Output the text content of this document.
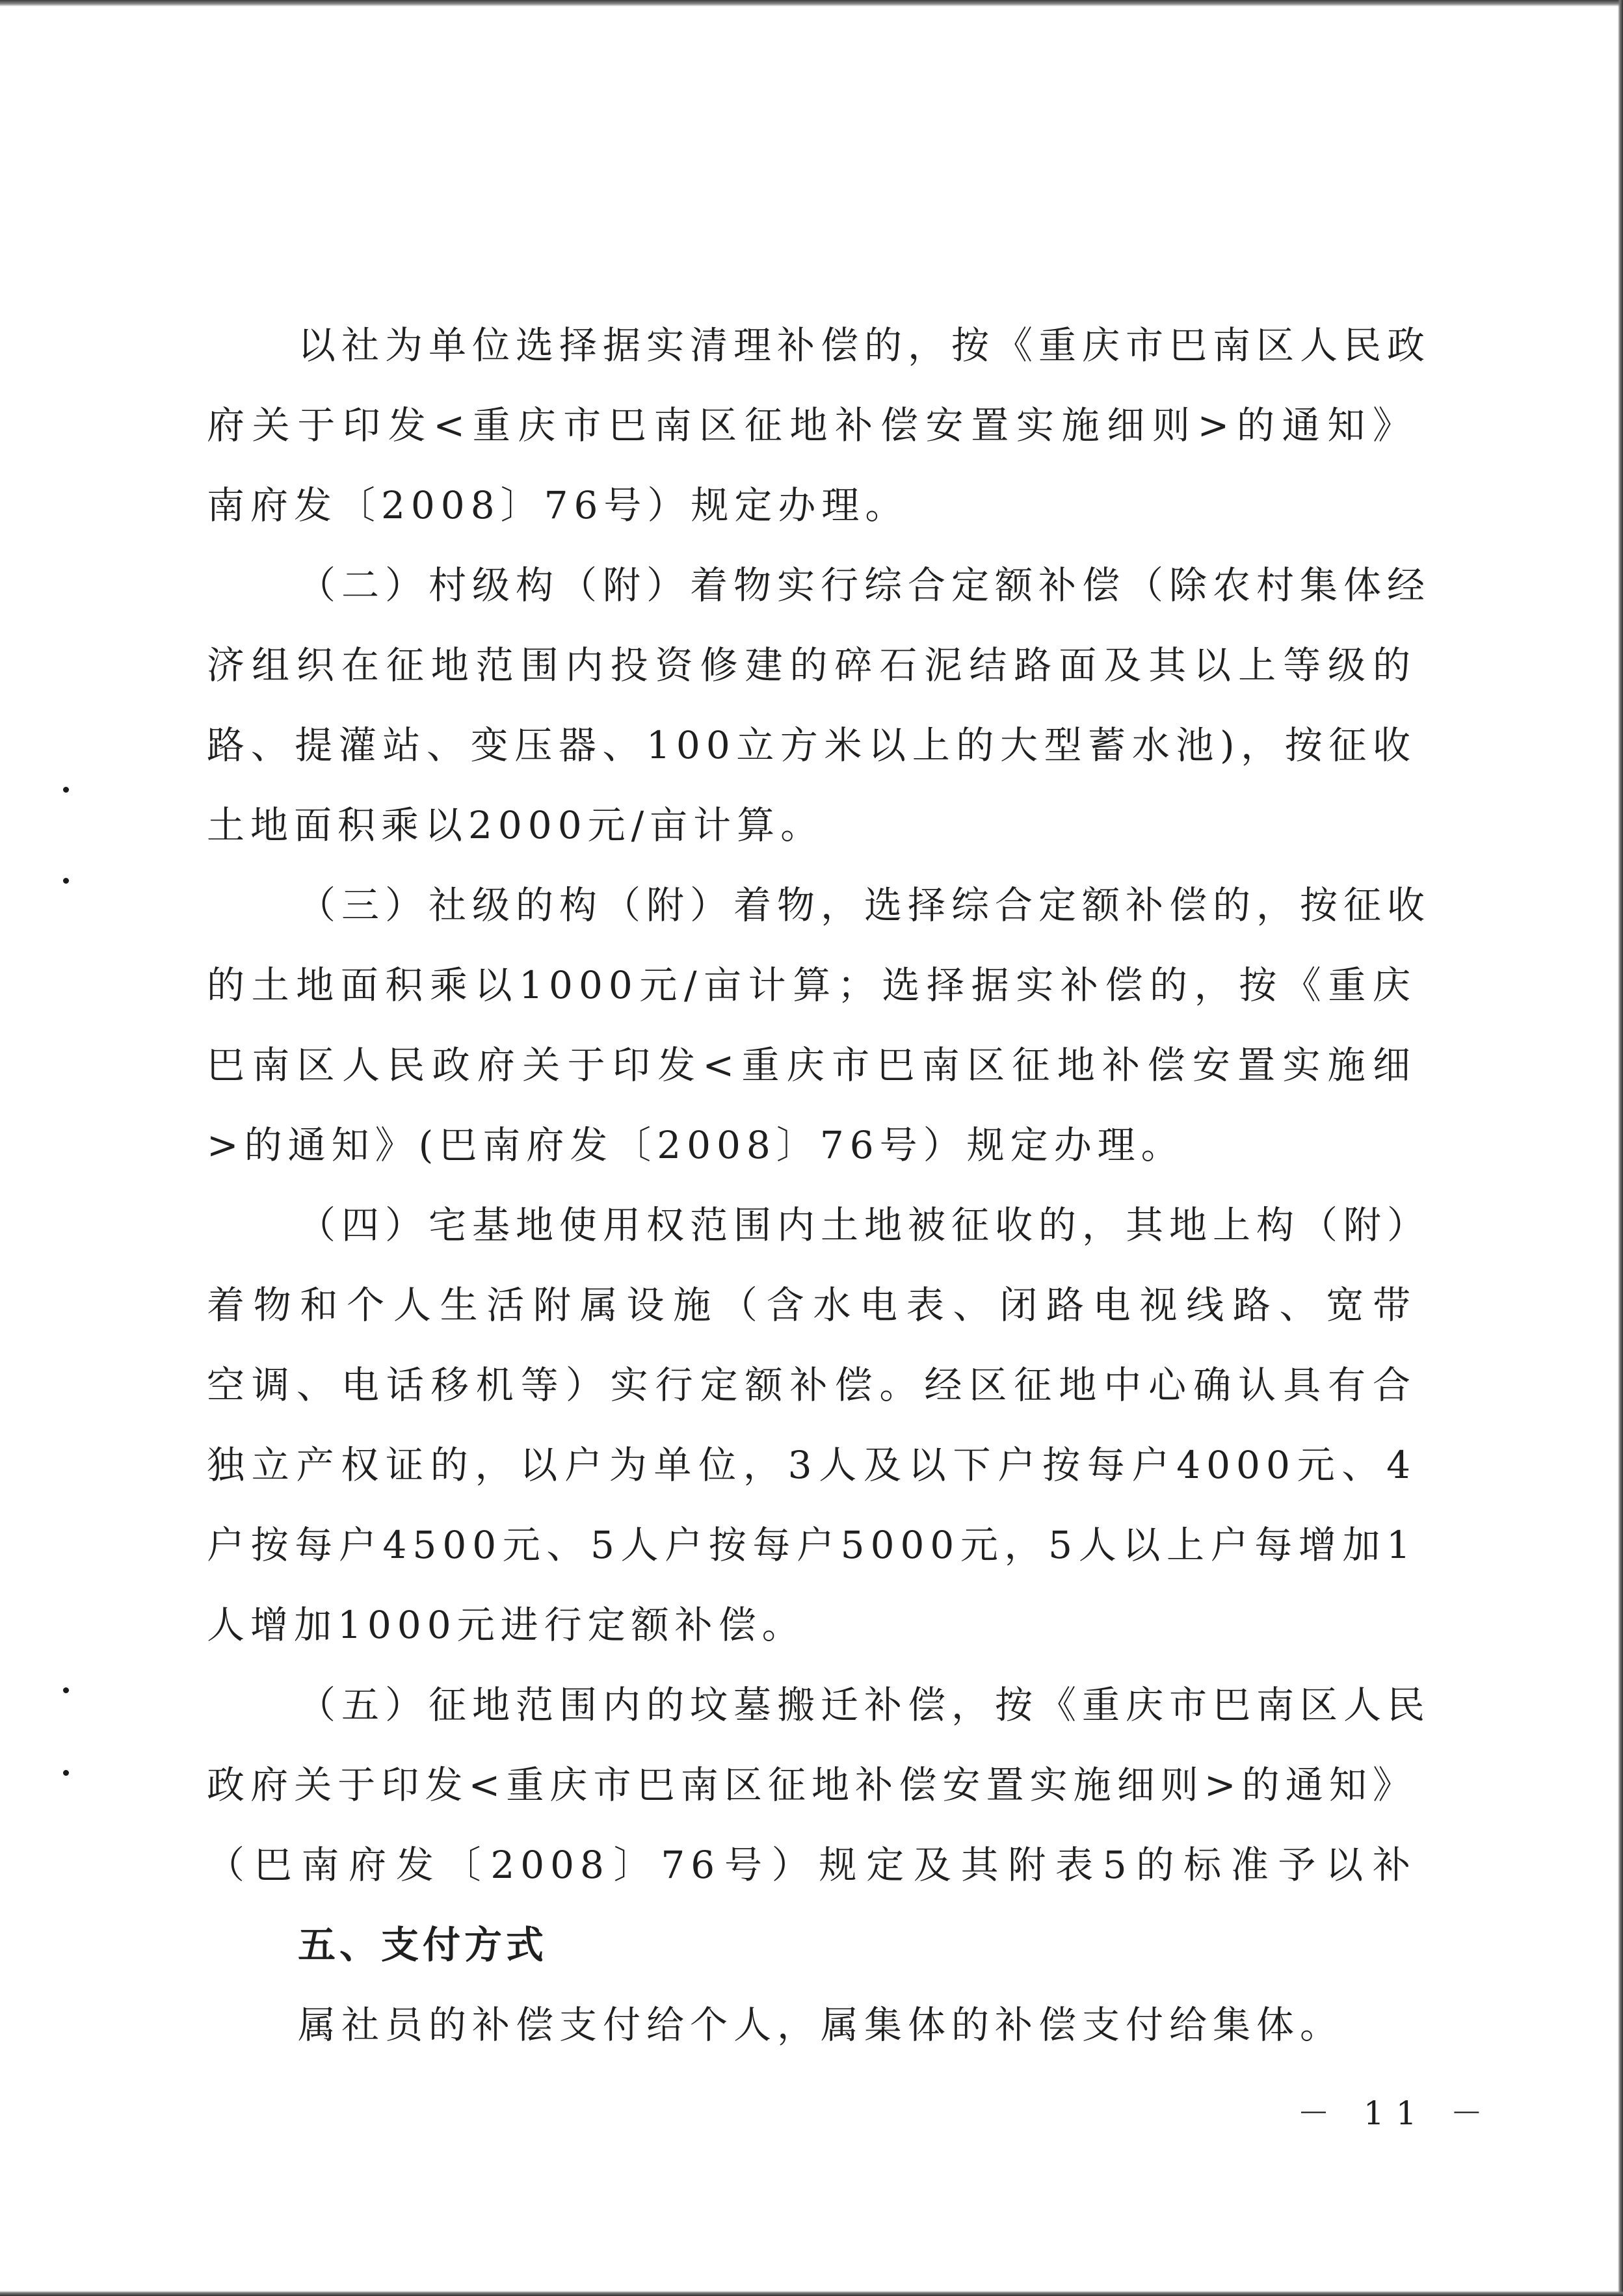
以社为单位选择据实清理补偿的，按《重庆市巴南区人民政
府关于印发<重庆市巴南区征地补偿安置实施细则>的通知》
南府发〔2008〕76号）规定办理。
（二）村级构（附）着物实行综合定额补偿（除农村集体经
济组织在征地范围内投资修建的碎石泥结路面及其以上等级的
路、提灌站、变压器、100立方米以上的大型蓄水池)，按征收
土地面积乘以2000元/亩计算。
（三）社级的构（附）着物，选择综合定额补偿的，按征收
的土地面积乘以1000元/亩计算；选择据实补偿的，按《重庆
巴南区人民政府关于印发<重庆市巴南区征地补偿安置实施细
>的通知》(巴南府发〔2008〕76号）规定办理。
（四）宅基地使用权范围内土地被征收的，其地上构（附）
着物和个人生活附属设施（含水电表、闭路电视线路、宽带
空调、电话移机等）实行定额补偿。经区征地中心确认具有合
独立产权证的，以户为单位，3人及以下户按每户4000元、4
户按每户4500元、5人户按每户5000元，5人以上户每增加1
人增加1000元进行定额补偿。
（五）征地范围内的坟墓搬迁补偿，按《重庆市巴南区人民
政府关于印发<重庆市巴南区征地补偿安置实施细则>的通知》
（巴南府发〔2008〕76号）规定及其附表5的标准予以补
五、支付方式
属社员的补偿支付给个人，属集体的补偿支付给集体。
－ 11 －
